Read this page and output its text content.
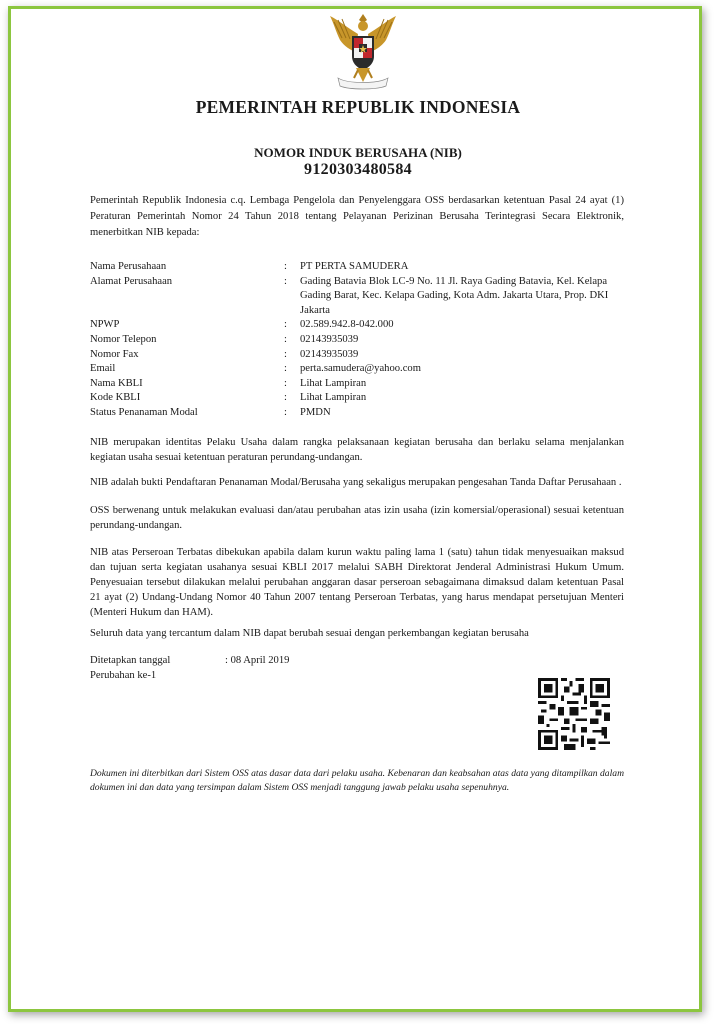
PEMERINTAH REPUBLIK INDONESIA
NOMOR INDUK BERUSAHA (NIB)
9120303480584
Pemerintah Republik Indonesia c.q. Lembaga Pengelola dan Penyelenggara OSS berdasarkan ketentuan Pasal 24 ayat (1) Peraturan Pemerintah Nomor 24 Tahun 2018 tentang Pelayanan Perizinan Berusaha Terintegrasi Secara Elektronik, menerbitkan NIB kepada:
Nama Perusahaan	:	PT PERTA SAMUDERA
Alamat Perusahaan	:	Gading Batavia Blok LC-9 No. 11 Jl. Raya Gading Batavia, Kel. Kelapa Gading Barat, Kec. Kelapa Gading, Kota Adm. Jakarta Utara, Prop. DKI Jakarta
NPWP	:	02.589.942.8-042.000
Nomor Telepon	:	02143935039
Nomor Fax	:	02143935039
Email	:	perta.samudera@yahoo.com
Nama KBLI	:	Lihat Lampiran
Kode KBLI	:	Lihat Lampiran
Status Penanaman Modal	:	PMDN
NIB merupakan identitas Pelaku Usaha dalam rangka pelaksanaan kegiatan berusaha dan berlaku selama menjalankan kegiatan usaha sesuai ketentuan peraturan perundang-undangan.
NIB adalah bukti Pendaftaran Penanaman Modal/Berusaha yang sekaligus merupakan pengesahan Tanda Daftar Perusahaan .
OSS berwenang untuk melakukan evaluasi dan/atau perubahan atas izin usaha (izin komersial/operasional) sesuai ketentuan perundang-undangan.
NIB atas Perseroan Terbatas dibekukan apabila dalam kurun waktu paling lama 1 (satu) tahun tidak menyesuaikan maksud dan tujuan serta kegiatan usahanya sesuai KBLI 2017 melalui SABH Direktorat Jenderal Administrasi Hukum Umum. Penyesuaian tersebut dilakukan melalui perubahan anggaran dasar perseroan sebagaimana dimaksud dalam ketentuan Pasal 21 ayat (2) Undang-Undang Nomor 40 Tahun 2007 tentang Perseroan Terbatas, yang harus mendapat persetujuan Menteri (Menteri Hukum dan HAM).
Seluruh data yang tercantum dalam NIB dapat berubah sesuai dengan perkembangan kegiatan berusaha
Ditetapkan tanggal	: 08 April 2019
Perubahan ke-1
Dokumen ini diterbitkan dari Sistem OSS atas dasar data dari pelaku usaha. Kebenaran dan keabsahan atas data yang ditampilkan dalam dokumen ini dan data yang tersimpan dalam Sistem OSS menjadi tanggung jawab pelaku usaha sepenuhnya.
